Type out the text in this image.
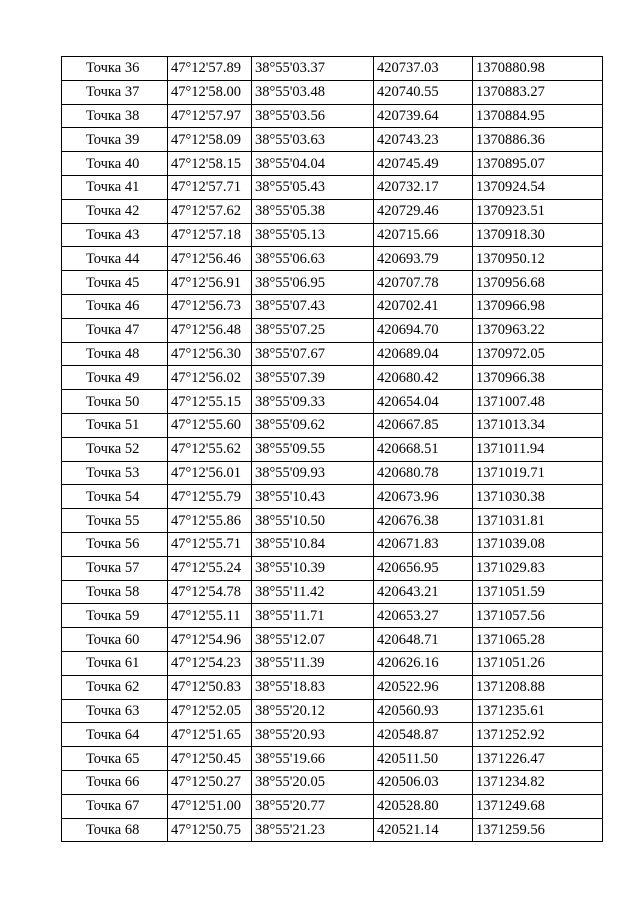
Точка 36	47°12'57.89	38°55'03.37	420737.03	1370880.98
Точка 37	47°12'58.00	38°55'03.48	420740.55	1370883.27
Точка 38	47°12'57.97	38°55'03.56	420739.64	1370884.95
Точка 39	47°12'58.09	38°55'03.63	420743.23	1370886.36
Точка 40	47°12'58.15	38°55'04.04	420745.49	1370895.07
Точка 41	47°12'57.71	38°55'05.43	420732.17	1370924.54
Точка 42	47°12'57.62	38°55'05.38	420729.46	1370923.51
Точка 43	47°12'57.18	38°55'05.13	420715.66	1370918.30
Точка 44	47°12'56.46	38°55'06.63	420693.79	1370950.12
Точка 45	47°12'56.91	38°55'06.95	420707.78	1370956.68
Точка 46	47°12'56.73	38°55'07.43	420702.41	1370966.98
Точка 47	47°12'56.48	38°55'07.25	420694.70	1370963.22
Точка 48	47°12'56.30	38°55'07.67	420689.04	1370972.05
Точка 49	47°12'56.02	38°55'07.39	420680.42	1370966.38
Точка 50	47°12'55.15	38°55'09.33	420654.04	1371007.48
Точка 51	47°12'55.60	38°55'09.62	420667.85	1371013.34
Точка 52	47°12'55.62	38°55'09.55	420668.51	1371011.94
Точка 53	47°12'56.01	38°55'09.93	420680.78	1371019.71
Точка 54	47°12'55.79	38°55'10.43	420673.96	1371030.38
Точка 55	47°12'55.86	38°55'10.50	420676.38	1371031.81
Точка 56	47°12'55.71	38°55'10.84	420671.83	1371039.08
Точка 57	47°12'55.24	38°55'10.39	420656.95	1371029.83
Точка 58	47°12'54.78	38°55'11.42	420643.21	1371051.59
Точка 59	47°12'55.11	38°55'11.71	420653.27	1371057.56
Точка 60	47°12'54.96	38°55'12.07	420648.71	1371065.28
Точка 61	47°12'54.23	38°55'11.39	420626.16	1371051.26
Точка 62	47°12'50.83	38°55'18.83	420522.96	1371208.88
Точка 63	47°12'52.05	38°55'20.12	420560.93	1371235.61
Точка 64	47°12'51.65	38°55'20.93	420548.87	1371252.92
Точка 65	47°12'50.45	38°55'19.66	420511.50	1371226.47
Точка 66	47°12'50.27	38°55'20.05	420506.03	1371234.82
Точка 67	47°12'51.00	38°55'20.77	420528.80	1371249.68
Точка 68	47°12'50.75	38°55'21.23	420521.14	1371259.56
